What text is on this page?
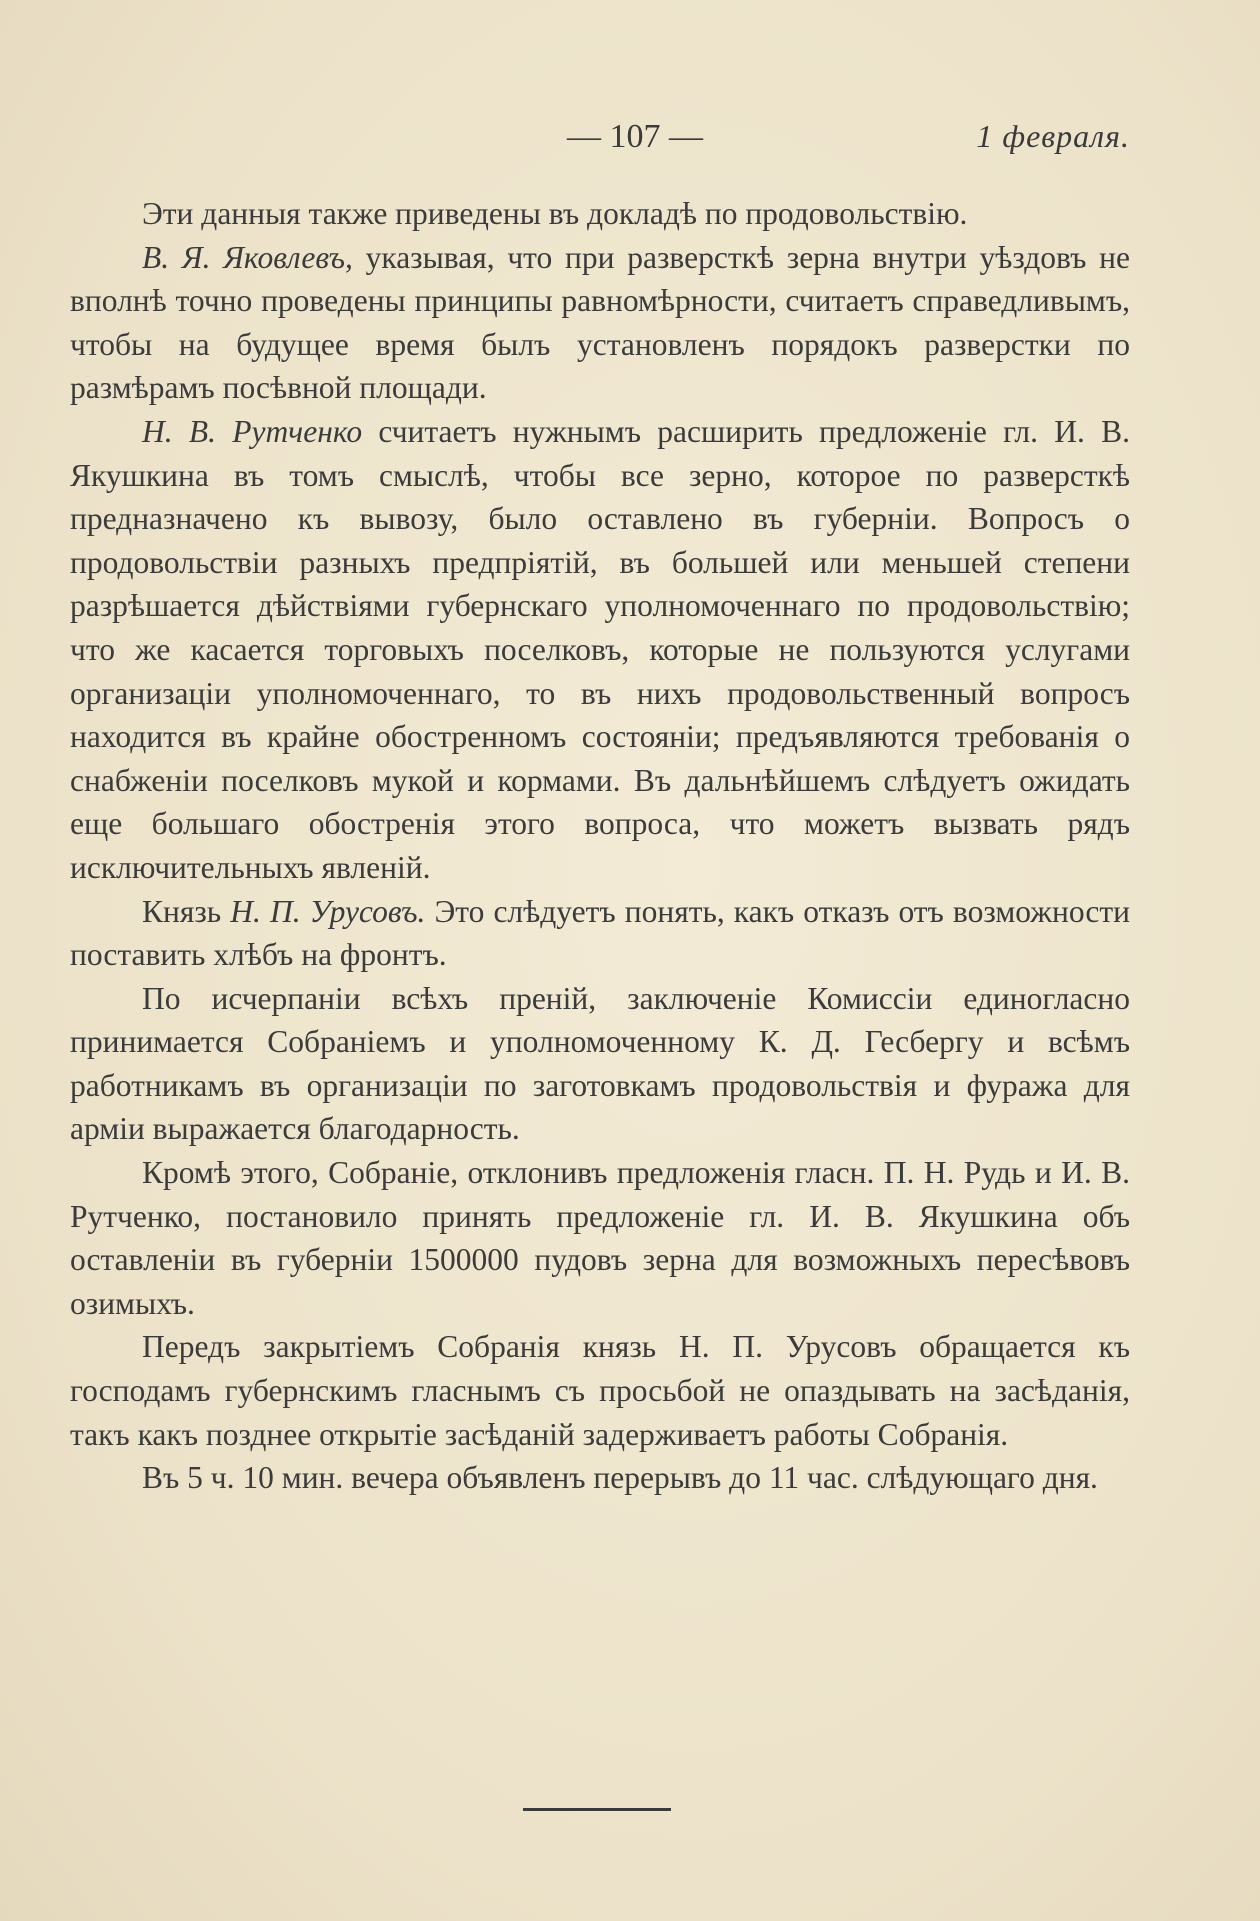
— 107 —	1 февраля.

Эти данныя также приведены въ докладѣ по продовольствію.

В. Я. Яковлевъ, указывая, что при разверсткѣ зерна внутри уѣздовъ не вполнѣ точно проведены принципы равномѣрности, считаетъ справедливымъ, чтобы на будущее время былъ установленъ порядокъ разверстки по размѣрамъ посѣвной площади.

Н. В. Рутченко считаетъ нужнымъ расширить предложеніе гл. И. В. Якушкина въ томъ смыслѣ, чтобы все зерно, которое по разверсткѣ предназначено къ вывозу, было оставлено въ губерніи. Вопросъ о продовольствіи разныхъ предпріятій, въ большей или меньшей степени разрѣшается дѣйствіями губернскаго уполномоченнаго по продовольствію; что же касается торговыхъ поселковъ, которые не пользуются услугами организаціи уполномоченнаго, то въ нихъ продовольственный вопросъ находится въ крайне обостренномъ состояніи; предъявляются требованія о снабженіи поселковъ мукой и кормами. Въ дальнѣйшемъ слѣдуетъ ожидать еще большаго обостренія этого вопроса, что можетъ вызвать рядъ исключительныхъ явленій.

Князь Н. П. Урусовъ. Это слѣдуетъ понять, какъ отказъ отъ возможности поставить хлѣбъ на фронтъ.

По исчерпаніи всѣхъ преній, заключеніе Комиссіи единогласно принимается Собраніемъ и уполномоченному К. Д. Гесбергу и всѣмъ работникамъ въ организаціи по заготовкамъ продовольствія и фуража для арміи выражается благодарность.

Кромѣ этого, Собраніе, отклонивъ предложенія гласн. П. Н. Рудь и И. В. Рутченко, постановило принять предложеніе гл. И. В. Якушкина объ оставленіи въ губерніи 1500000 пудовъ зерна для возможныхъ пересѣвовъ озимыхъ.

Передъ закрытіемъ Собранія князь Н. П. Урусовъ обращается къ господамъ губернскимъ гласнымъ съ просьбой не опаздывать на засѣданія, такъ какъ позднее открытіе засѣданій задерживаетъ работы Собранія.

Въ 5 ч. 10 мин. вечера объявленъ перерывъ до 11 час. слѣдующаго дня.
